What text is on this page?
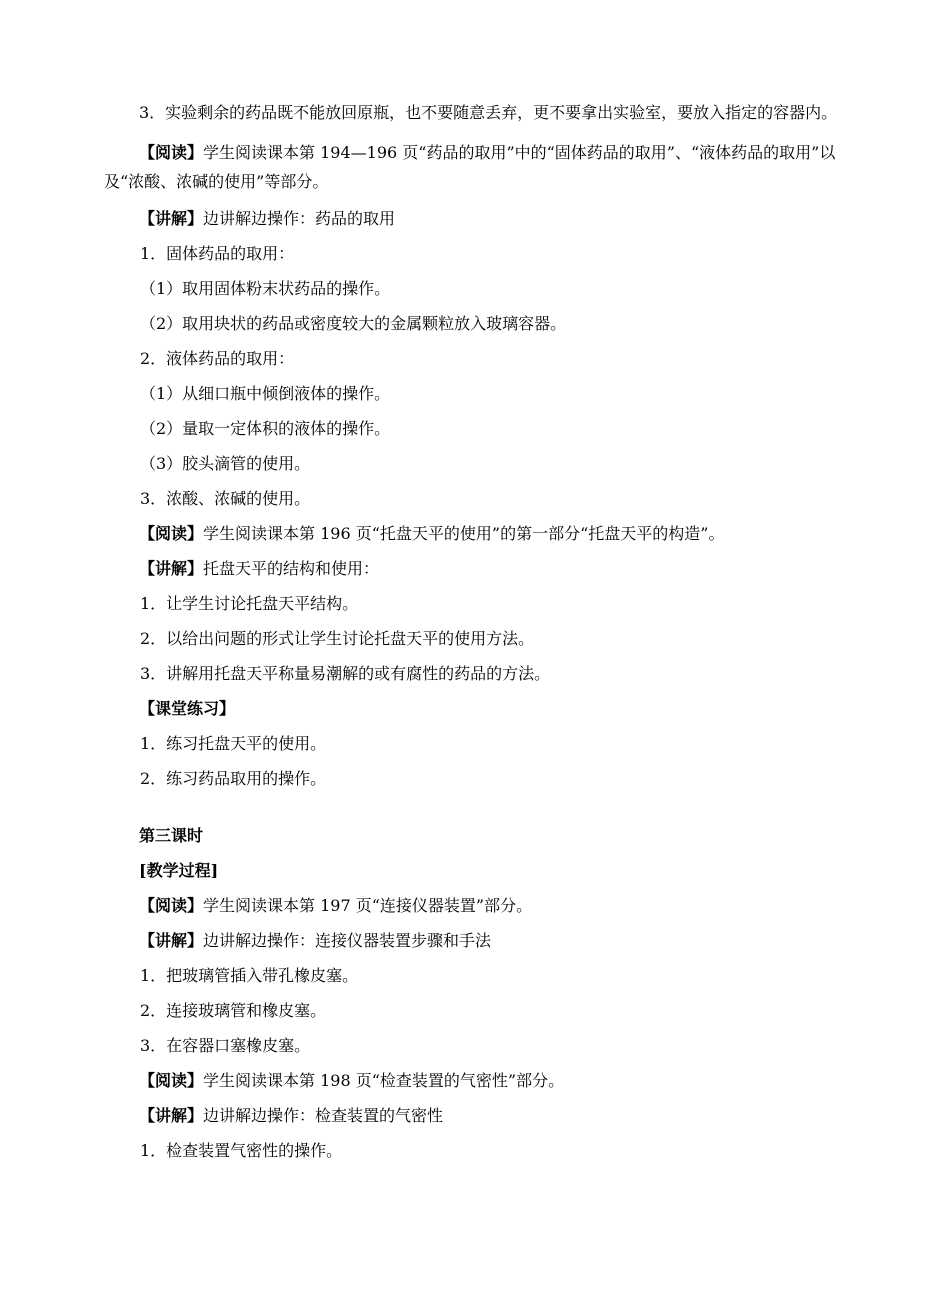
3．实验剩余的药品既不能放回原瓶，也不要随意丢弃，更不要拿出实验室，要放入指定的容器内。
【阅读】学生阅读课本第 194—196 页“药品的取用”中的“固体药品的取用”、“液体药品的取用”以及“浓酸、浓碱的使用”等部分。
【讲解】边讲解边操作：药品的取用
1．固体药品的取用：
（1）取用固体粉末状药品的操作。
（2）取用块状的药品或密度较大的金属颗粒放入玻璃容器。
2．液体药品的取用：
（1）从细口瓶中倾倒液体的操作。
（2）量取一定体积的液体的操作。
（3）胶头滴管的使用。
3．浓酸、浓碱的使用。
【阅读】学生阅读课本第 196 页“托盘天平的使用”的第一部分“托盘天平的构造”。
【讲解】托盘天平的结构和使用：
1．让学生讨论托盘天平结构。
2．以给出问题的形式让学生讨论托盘天平的使用方法。
3．讲解用托盘天平称量易潮解的或有腐性的药品的方法。
【课堂练习】
1．练习托盘天平的使用。
2．练习药品取用的操作。
第三课时
[教学过程]
【阅读】学生阅读课本第 197 页“连接仪器装置”部分。
【讲解】边讲解边操作：连接仪器装置步骤和手法
1．把玻璃管插入带孔橡皮塞。
2．连接玻璃管和橡皮塞。
3．在容器口塞橡皮塞。
【阅读】学生阅读课本第 198 页“检查装置的气密性”部分。
【讲解】边讲解边操作：检查装置的气密性
1．检查装置气密性的操作。
